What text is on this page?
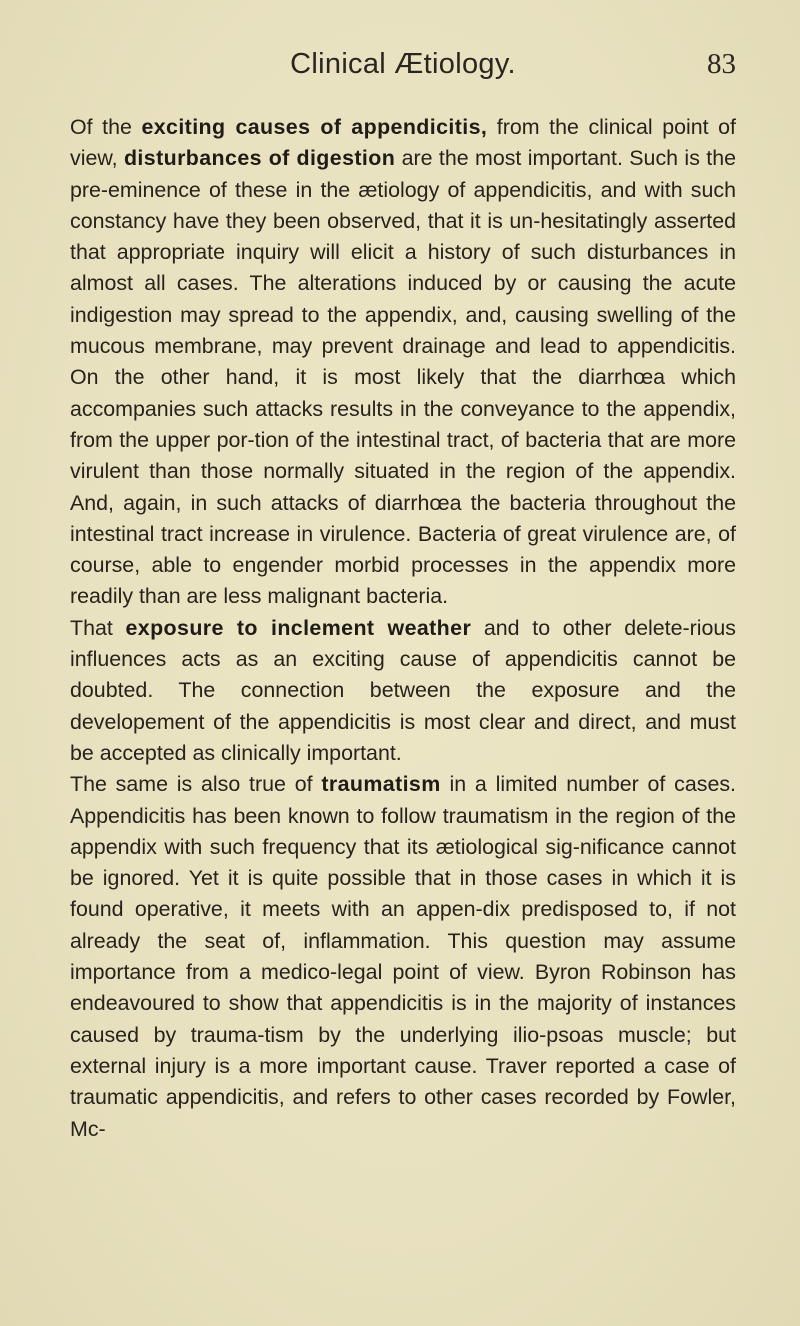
Clinical Ætiology.	83

Of the exciting causes of appendicitis, from the clinical point of view, disturbances of digestion are the most important. Such is the pre-eminence of these in the ætiology of appendicitis, and with such constancy have they been observed, that it is un-hesitatingly asserted that appropriate inquiry will elicit a history of such disturbances in almost all cases. The alterations induced by or causing the acute indigestion may spread to the appendix, and, causing swelling of the mucous membrane, may prevent drainage and lead to appendicitis. On the other hand, it is most likely that the diarrhœa which accompanies such attacks results in the conveyance to the appendix, from the upper por-tion of the intestinal tract, of bacteria that are more virulent than those normally situated in the region of the appendix. And, again, in such attacks of diarrhœa the bacteria throughout the intestinal tract increase in virulence. Bacteria of great virulence are, of course, able to engender morbid processes in the appendix more readily than are less malignant bacteria.

That exposure to inclement weather and to other delete-rious influences acts as an exciting cause of appendicitis cannot be doubted. The connection between the exposure and the developement of the appendicitis is most clear and direct, and must be accepted as clinically important.

The same is also true of traumatism in a limited number of cases. Appendicitis has been known to follow traumatism in the region of the appendix with such frequency that its ætiological sig-nificance cannot be ignored. Yet it is quite possible that in those cases in which it is found operative, it meets with an appen-dix predisposed to, if not already the seat of, inflammation. This question may assume importance from a medico-legal point of view. Byron Robinson has endeavoured to show that appendicitis is in the majority of instances caused by trauma-tism by the underlying ilio-psoas muscle; but external injury is a more important cause. Traver reported a case of traumatic appendicitis, and refers to other cases recorded by Fowler, Mc-
